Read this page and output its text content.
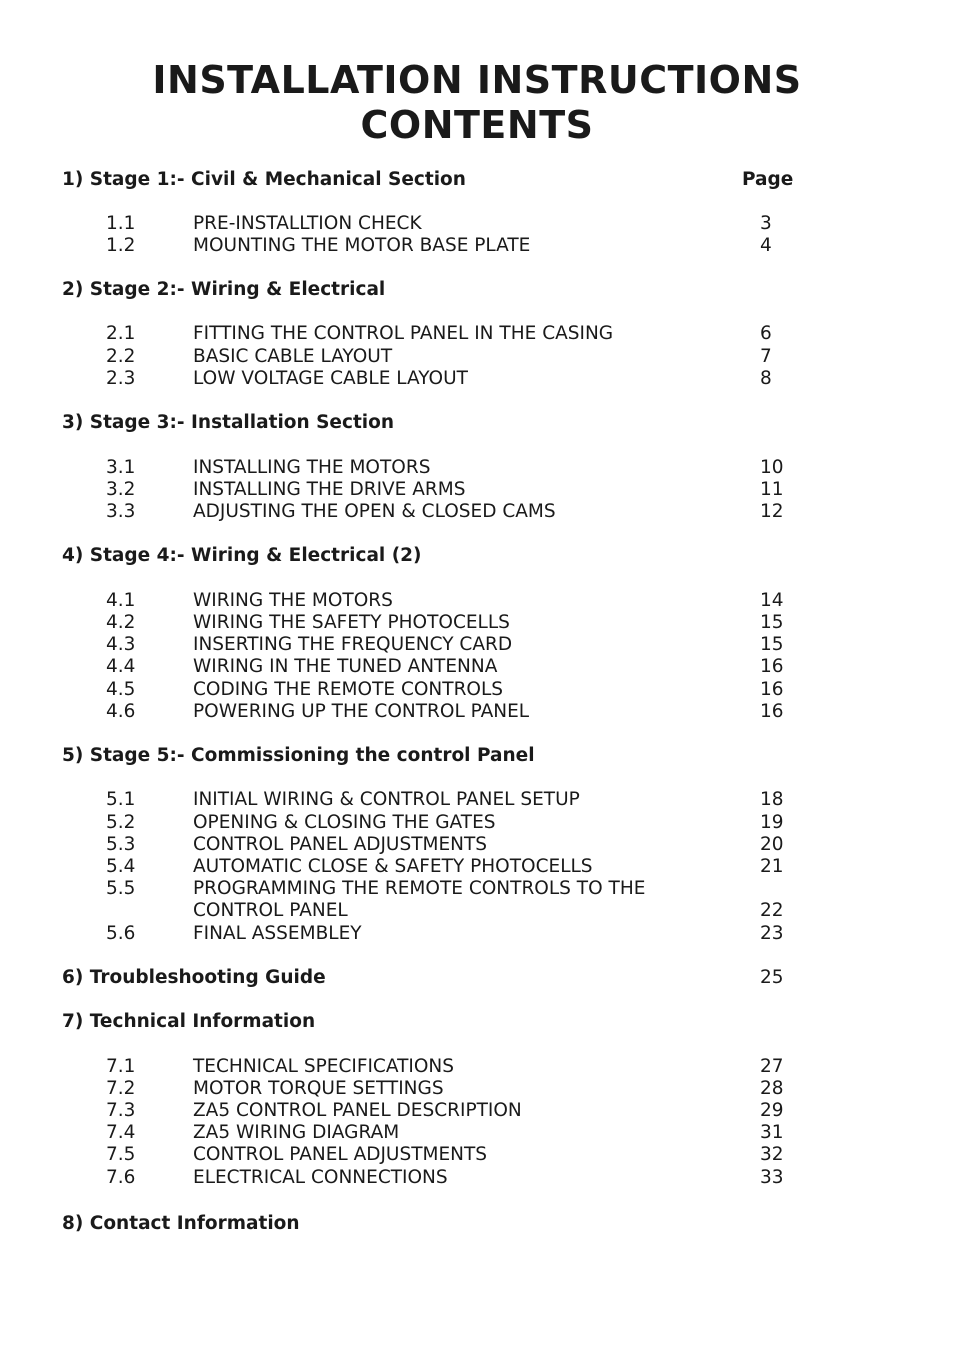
INSTALLATION INSTRUCTIONS
CONTENTS
1) Stage 1:- Civil & Mechanical Section	Page
1.1	PRE-INSTALLTION CHECK	3
1.2	MOUNTING THE MOTOR BASE PLATE	4
2) Stage 2:- Wiring & Electrical
2.1	FITTING THE CONTROL PANEL IN THE CASING	6
2.2	BASIC CABLE LAYOUT	7
2.3	LOW VOLTAGE CABLE LAYOUT	8
3) Stage 3:- Installation Section
3.1	INSTALLING THE MOTORS	10
3.2	INSTALLING THE DRIVE ARMS	11
3.3	ADJUSTING THE OPEN & CLOSED CAMS	12
4) Stage 4:- Wiring & Electrical (2)
4.1	WIRING THE MOTORS	14
4.2	WIRING THE SAFETY PHOTOCELLS	15
4.3	INSERTING THE FREQUENCY CARD	15
4.4	WIRING IN THE TUNED ANTENNA	16
4.5	CODING THE REMOTE CONTROLS	16
4.6	POWERING UP THE CONTROL PANEL	16
5) Stage 5:- Commissioning the control Panel
5.1	INITIAL WIRING & CONTROL PANEL SETUP	18
5.2	OPENING & CLOSING THE GATES	19
5.3	CONTROL PANEL ADJUSTMENTS	20
5.4	AUTOMATIC CLOSE & SAFETY PHOTOCELLS	21
5.5	PROGRAMMING THE REMOTE CONTROLS TO THE
CONTROL PANEL	22
5.6	FINAL ASSEMBLEY	23
6) Troubleshooting Guide	25
7) Technical Information
7.1	TECHNICAL SPECIFICATIONS	27
7.2	MOTOR TORQUE SETTINGS	28
7.3	ZA5 CONTROL PANEL DESCRIPTION	29
7.4	ZA5 WIRING DIAGRAM	31
7.5	CONTROL PANEL ADJUSTMENTS	32
7.6	ELECTRICAL CONNECTIONS	33
8) Contact Information
